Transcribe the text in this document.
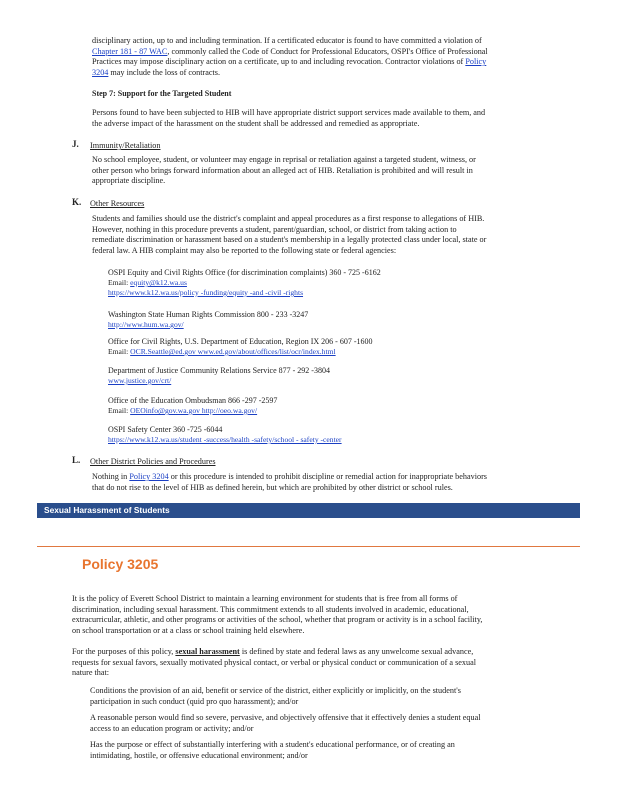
disciplinary action, up to and including termination. If a certificated educator is found to have committed a violation of

Chapter 181 - 87 WAC, commonly called the Code of Conduct for Professional Educators, OSPI's Office of Professional

Practices may impose disciplinary action on a certificate, up to and including revocation. Contractor violations of Policy

3204 may include the loss of contracts.

Step 7: Support for the Targeted Student

Persons found to have been subjected to HIB will have appropriate district support services made available to them, and

the adverse impact of the harassment on the student shall be addressed and remedied as appropriate.

J. Immunity/Retaliation

No school employee, student, or volunteer may engage in reprisal or retaliation against a targeted student, witness, or

other person who brings forward information about an alleged act of HIB. Retaliation is prohibited and will result in

appropriate discipline.

K. Other Resources

Students and families should use the district's complaint and appeal procedures as a first response to allegations of HIB.

However, nothing in this procedure prevents a student, parent/guardian, school, or district from taking action to

remediate discrimination or harassment based on a student's membership in a legally protected class under local, state or

federal law. A HIB complaint may also be reported to the following state or federal agencies:

OSPI Equity and Civil Rights Office (for discrimination complaints) 360 - 725 -6162

Email: equity@k12.wa.us

https://www.k12.wa.us/policy -funding/equity -and -civil -rights

Washington State Human Rights Commission 800 - 233 -3247

http://www.hum.wa.gov/

Office for Civil Rights, U.S. Department of Education, Region IX 206 - 607 -1600

Email: OCR.Seattle@ed.gov www.ed.gov/about/offices/list/ocr/index.html

Department of Justice Community Relations Service 877 - 292 -3804

www.justice.gov/crt/

Office of the Education Ombudsman 866 -297 -2597

Email: OEOinfo@gov.wa.gov http://oeo.wa.gov/

OSPI Safety Center 360 -725 -6044

https://www.k12.wa.us/student -success/health -safety/school - safety -center

L. Other District Policies and Procedures

Nothing in Policy 3204 or this procedure is intended to prohibit discipline or remedial action for inappropriate behaviors

that do not rise to the level of HIB as defined herein, but which are prohibited by other district or school rules.

Sexual Harassment of Students
Policy 3205

It is the policy of Everett School District to maintain a learning environment for students that is free from all forms of

discrimination, including sexual harassment. This commitment extends to all students involved in academic, educational,

extracurricular, athletic, and other programs or activities of the school, whether that program or activity is in a school facility,

on school transportation or at a class or school training held elsewhere.

For the purposes of this policy, sexual harassment is defined by state and federal laws as any unwelcome sexual advance,

requests for sexual favors, sexually motivated physical contact, or verbal or physical conduct or communication of a sexual

nature that:

Conditions the provision of an aid, benefit or service of the district, either explicitly or implicitly, on the student's

participation in such conduct (quid pro quo harassment); and/or

A reasonable person would find so severe, pervasive, and objectively offensive that it effectively denies a student equal

access to an education program or activity; and/or

Has the purpose or effect of substantially interfering with a student's educational performance, or of creating an

intimidating, hostile, or offensive educational environment; and/or
